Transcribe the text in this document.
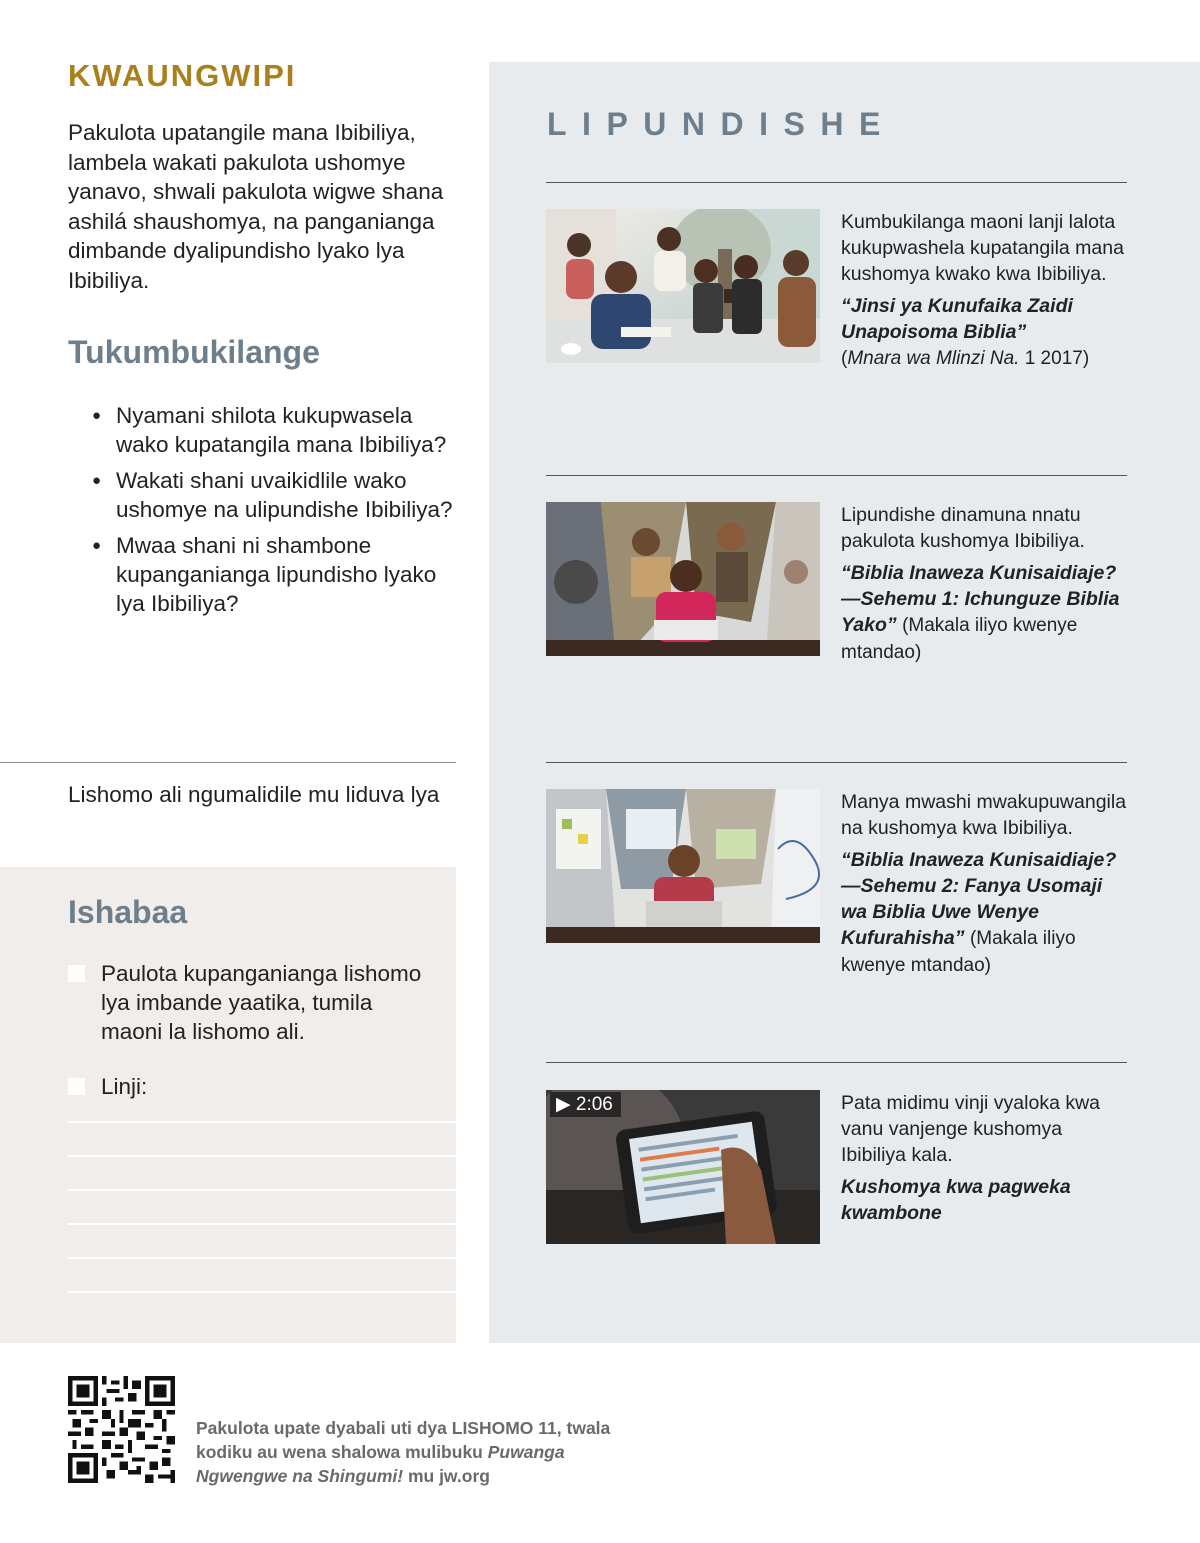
KWAUNGWIPI
Pakulota upatangile mana Ibibiliya, lambela wakati pakulota ushomye yanavo, shwali pakulota wigwe shana ashilá shaushomya, na panganianga dimbande dyalipundisho lyako lya Ibibiliya.
Tukumbukilange
● Nyamani shilota kukupwasela wako kupatangila mana Ibibiliya?
● Wakati shani uvaikidlile wako ushomye na ulipundishe Ibibiliya?
● Mwaa shani ni shambone kupanganianga lipundisho lyako lya Ibibiliya?
Lishomo ali ngumalidile mu liduva lya
Ishabaa
Paulota kupanganianga lishomo lya imbande yaatika, tumila maoni la lishomo ali.
Linji:
LIPUNDISHE
Kumbukilanga maoni lanji lalota kukupwashela kupatangila mana kushomya kwako kwa Ibibiliya.
“Jinsi ya Kunufaika Zaidi Unapoisoma Biblia”
(Mnara wa Mlinzi Na. 1 2017)
Lipundishe dinamuna nnatu pakulota kushomya Ibibiliya.
“Biblia Inaweza Kunisaidiaje?—Sehemu 1: Ichunguze Biblia Yako” (Makala iliyo kwenye mtandao)
Manya mwashi mwakupuwangila na kushomya kwa Ibibiliya.
“Biblia Inaweza Kunisaidiaje?—Sehemu 2: Fanya Usomaji wa Biblia Uwe Wenye Kufurahisha” (Makala iliyo kwenye mtandao)
▶ 2:06	Pata midimu vinji vyaloka kwa vanu vanjenge kushomya Ibibiliya kala.
Kushomya kwa pagweka kwambone
Pakulota upate dyabali uti dya LISHOMO 11, twala kodiku au wena shalowa mulibuku Puwanga Ngwengwe na Shingumi! mu jw.org
